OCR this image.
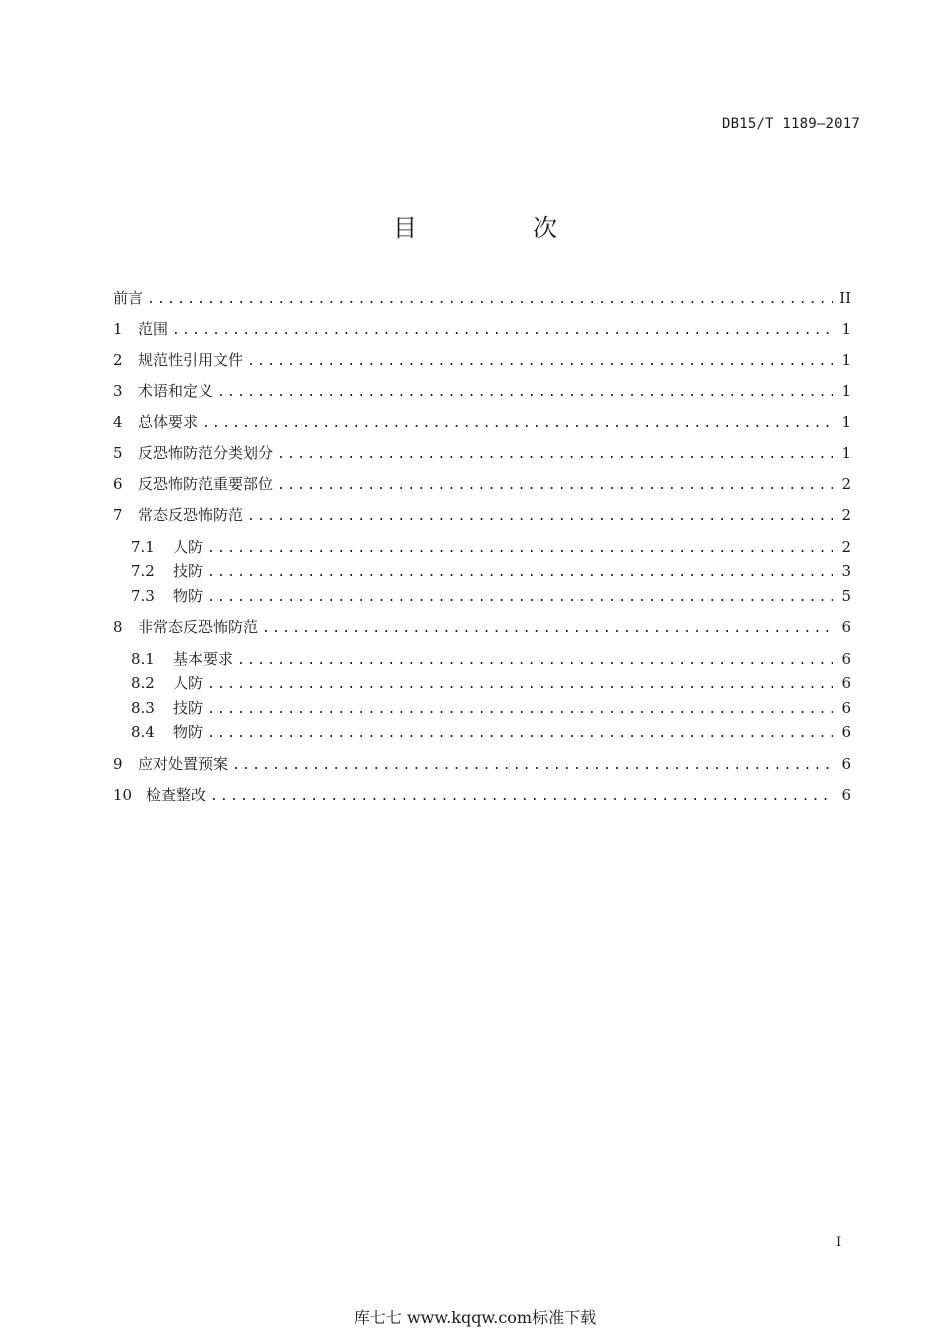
DB15/T 1189—2017
目　次
前言 .....	II
1	范围 .....	1
2	规范性引用文件 .....	1
3	术语和定义 .....	1
4	总体要求 .....	1
5	反恐怖防范分类划分 .....	1
6	反恐怖防范重要部位 .....	2
7	常态反恐怖防范 .....	2
7.1	人防 .....	2
7.2	技防 .....	3
7.3	物防 .....	5
8	非常态反恐怖防范 .....	6
8.1	基本要求 .....	6
8.2	人防 .....	6
8.3	技防 .....	6
8.4	物防 .....	6
9	应对处置预案 .....	6
10 检查整改 .....	6
I
库七七 www.kqqw.com标准下载
